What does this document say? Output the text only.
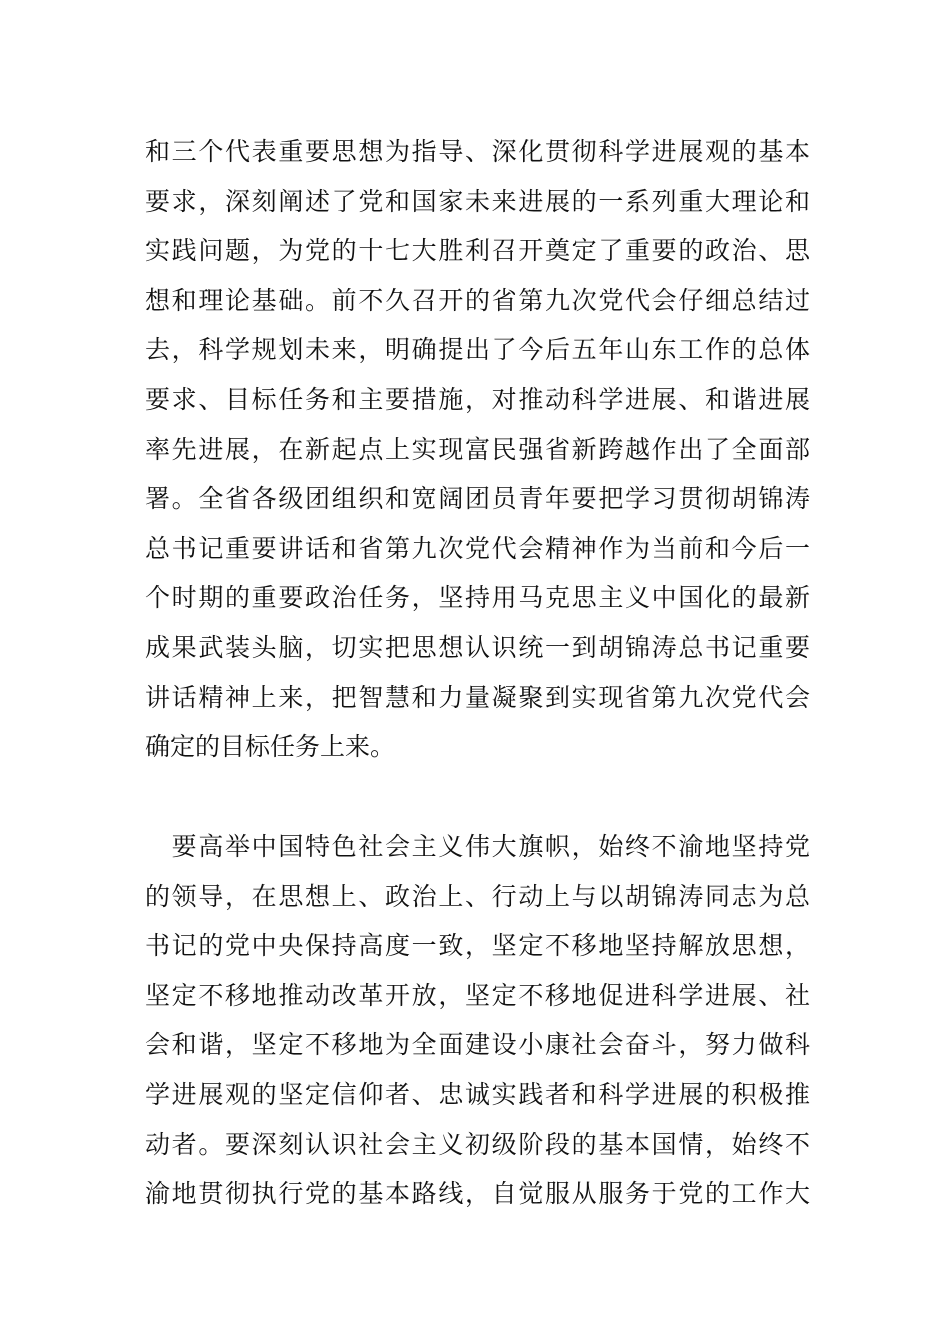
和三个代表重要思想为指导、深化贯彻科学进展观的基本
要求，深刻阐述了党和国家未来进展的一系列重大理论和
实践问题，为党的十七大胜利召开奠定了重要的政治、思
想和理论基础。前不久召开的省第九次党代会仔细总结过
去，科学规划未来，明确提出了今后五年山东工作的总体
要求、目标任务和主要措施，对推动科学进展、和谐进展
率先进展，在新起点上实现富民强省新跨越作出了全面部
署。全省各级团组织和宽阔团员青年要把学习贯彻胡锦涛
总书记重要讲话和省第九次党代会精神作为当前和今后一
个时期的重要政治任务，坚持用马克思主义中国化的最新
成果武装头脑，切实把思想认识统一到胡锦涛总书记重要
讲话精神上来，把智慧和力量凝聚到实现省第九次党代会
确定的目标任务上来。
　要高举中国特色社会主义伟大旗帜，始终不渝地坚持党
的领导，在思想上、政治上、行动上与以胡锦涛同志为总
书记的党中央保持高度一致，坚定不移地坚持解放思想，
坚定不移地推动改革开放，坚定不移地促进科学进展、社
会和谐，坚定不移地为全面建设小康社会奋斗，努力做科
学进展观的坚定信仰者、忠诚实践者和科学进展的积极推
动者。要深刻认识社会主义初级阶段的基本国情，始终不
渝地贯彻执行党的基本路线，自觉服从服务于党的工作大
